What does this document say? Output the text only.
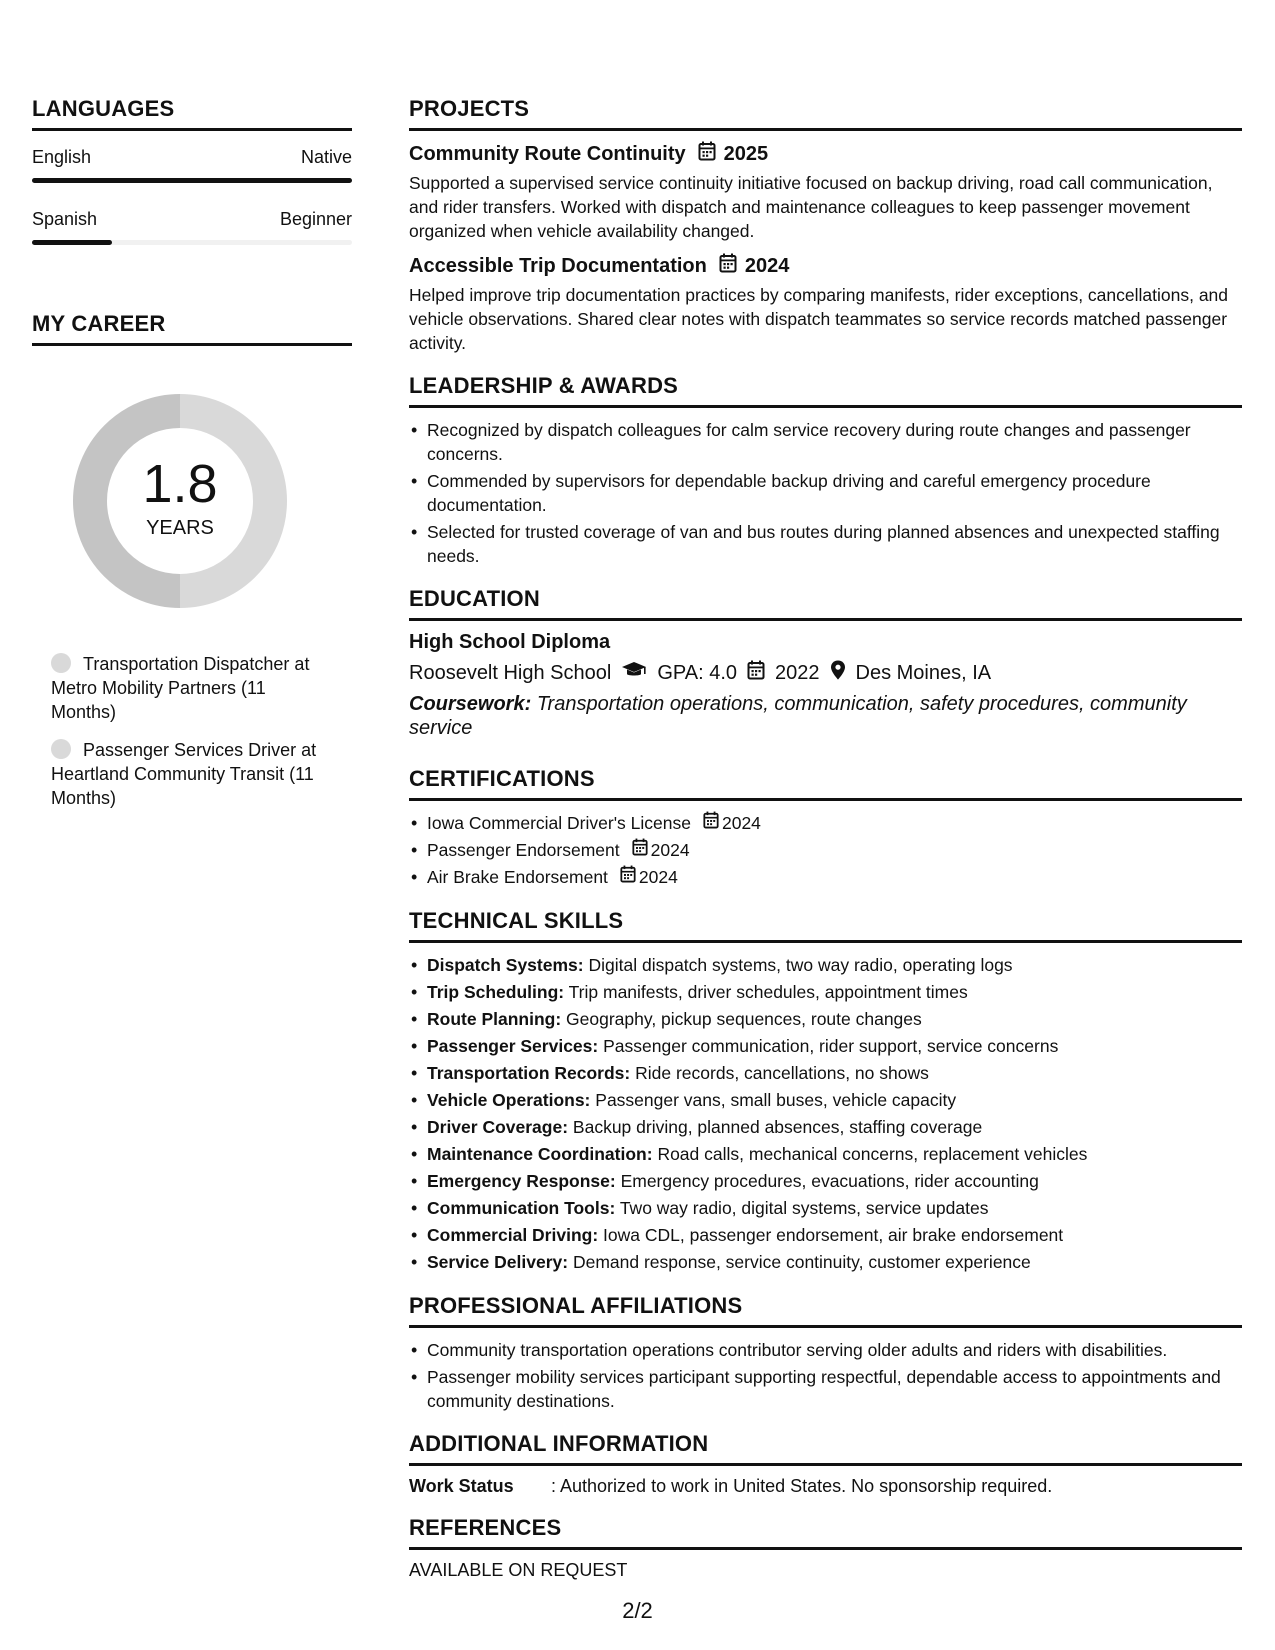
LANGUAGES
English	Native
Spanish	Beginner
MY CAREER
1.8
YEARS
Transportation Dispatcher at Metro Mobility Partners (11 Months)
Passenger Services Driver at Heartland Community Transit (11 Months)
PROJECTS
Community Route Continuity 2025
Supported a supervised service continuity initiative focused on backup driving, road call communication, and rider transfers. Worked with dispatch and maintenance colleagues to keep passenger movement organized when vehicle availability changed.
Accessible Trip Documentation 2024
Helped improve trip documentation practices by comparing manifests, rider exceptions, cancellations, and vehicle observations. Shared clear notes with dispatch teammates so service records matched passenger activity.
LEADERSHIP & AWARDS
• Recognized by dispatch colleagues for calm service recovery during route changes and passenger concerns.
• Commended by supervisors for dependable backup driving and careful emergency procedure documentation.
• Selected for trusted coverage of van and bus routes during planned absences and unexpected staffing needs.
EDUCATION
High School Diploma
Roosevelt High School GPA: 4.0 2022 Des Moines, IA
Coursework: Transportation operations, communication, safety procedures, community service
CERTIFICATIONS
• Iowa Commercial Driver's License 2024
• Passenger Endorsement 2024
• Air Brake Endorsement 2024
TECHNICAL SKILLS
• Dispatch Systems: Digital dispatch systems, two way radio, operating logs
• Trip Scheduling: Trip manifests, driver schedules, appointment times
• Route Planning: Geography, pickup sequences, route changes
• Passenger Services: Passenger communication, rider support, service concerns
• Transportation Records: Ride records, cancellations, no shows
• Vehicle Operations: Passenger vans, small buses, vehicle capacity
• Driver Coverage: Backup driving, planned absences, staffing coverage
• Maintenance Coordination: Road calls, mechanical concerns, replacement vehicles
• Emergency Response: Emergency procedures, evacuations, rider accounting
• Communication Tools: Two way radio, digital systems, service updates
• Commercial Driving: Iowa CDL, passenger endorsement, air brake endorsement
• Service Delivery: Demand response, service continuity, customer experience
PROFESSIONAL AFFILIATIONS
• Community transportation operations contributor serving older adults and riders with disabilities.
• Passenger mobility services participant supporting respectful, dependable access to appointments and community destinations.
ADDITIONAL INFORMATION
Work Status	: Authorized to work in United States. No sponsorship required.
REFERENCES
AVAILABLE ON REQUEST
2/2
